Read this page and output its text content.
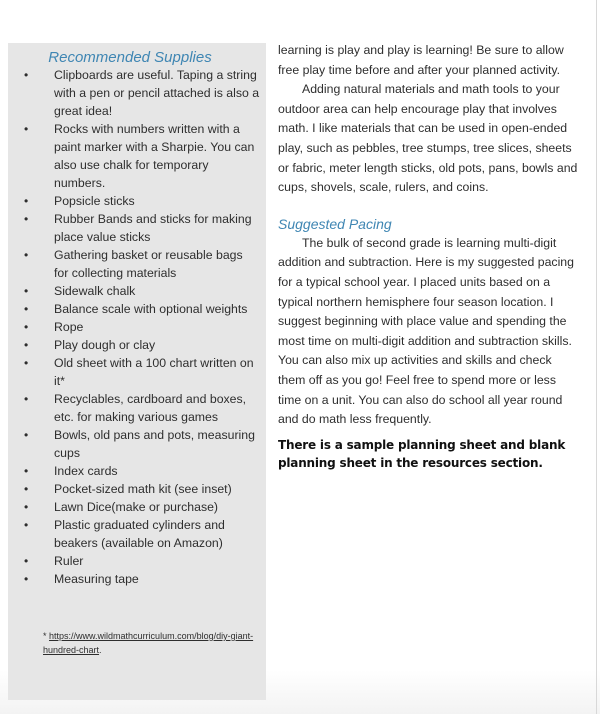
Recommended Supplies
• Clipboards are useful. Taping a string with a pen or pencil attached is also a great idea!
• Rocks with numbers written with a paint marker with a Sharpie. You can also use chalk for temporary numbers.
• Popsicle sticks
• Rubber Bands and sticks for making place value sticks
• Gathering basket or reusable bags for collecting materials
• Sidewalk chalk
• Balance scale with optional weights
• Rope
• Play dough or clay
• Old sheet with a 100 chart written on it*
• Recyclables, cardboard and boxes, etc. for making various games
• Bowls, old pans and pots, measuring cups
• Index cards
• Pocket-sized math kit (see inset)
• Lawn Dice(make or purchase)
• Plastic graduated cylinders and beakers (available on Amazon)
• Ruler
• Measuring tape
* https://www.wildmathcurriculum.com/blog/diy-giant-hundred-chart.

learning is play and play is learning! Be sure to allow free play time before and after your planned activity.

Adding natural materials and math tools to your outdoor area can help encourage play that involves math. I like materials that can be used in open-ended play, such as pebbles, tree stumps, tree slices, sheets or fabric, meter length sticks, old pots, pans, bowls and cups, shovels, scale, rulers, and coins.

Suggested Pacing

The bulk of second grade is learning multi-digit addition and subtraction. Here is my suggested pacing for a typical school year. I placed units based on a typical northern hemisphere four season location. I suggest beginning with place value and spending the most time on multi-digit addition and subtraction skills. You can also mix up activities and skills and check them off as you go! Feel free to spend more or less time on a unit. You can also do school all year round and do math less frequently.

There is a sample planning sheet and blank planning sheet in the resources section.
